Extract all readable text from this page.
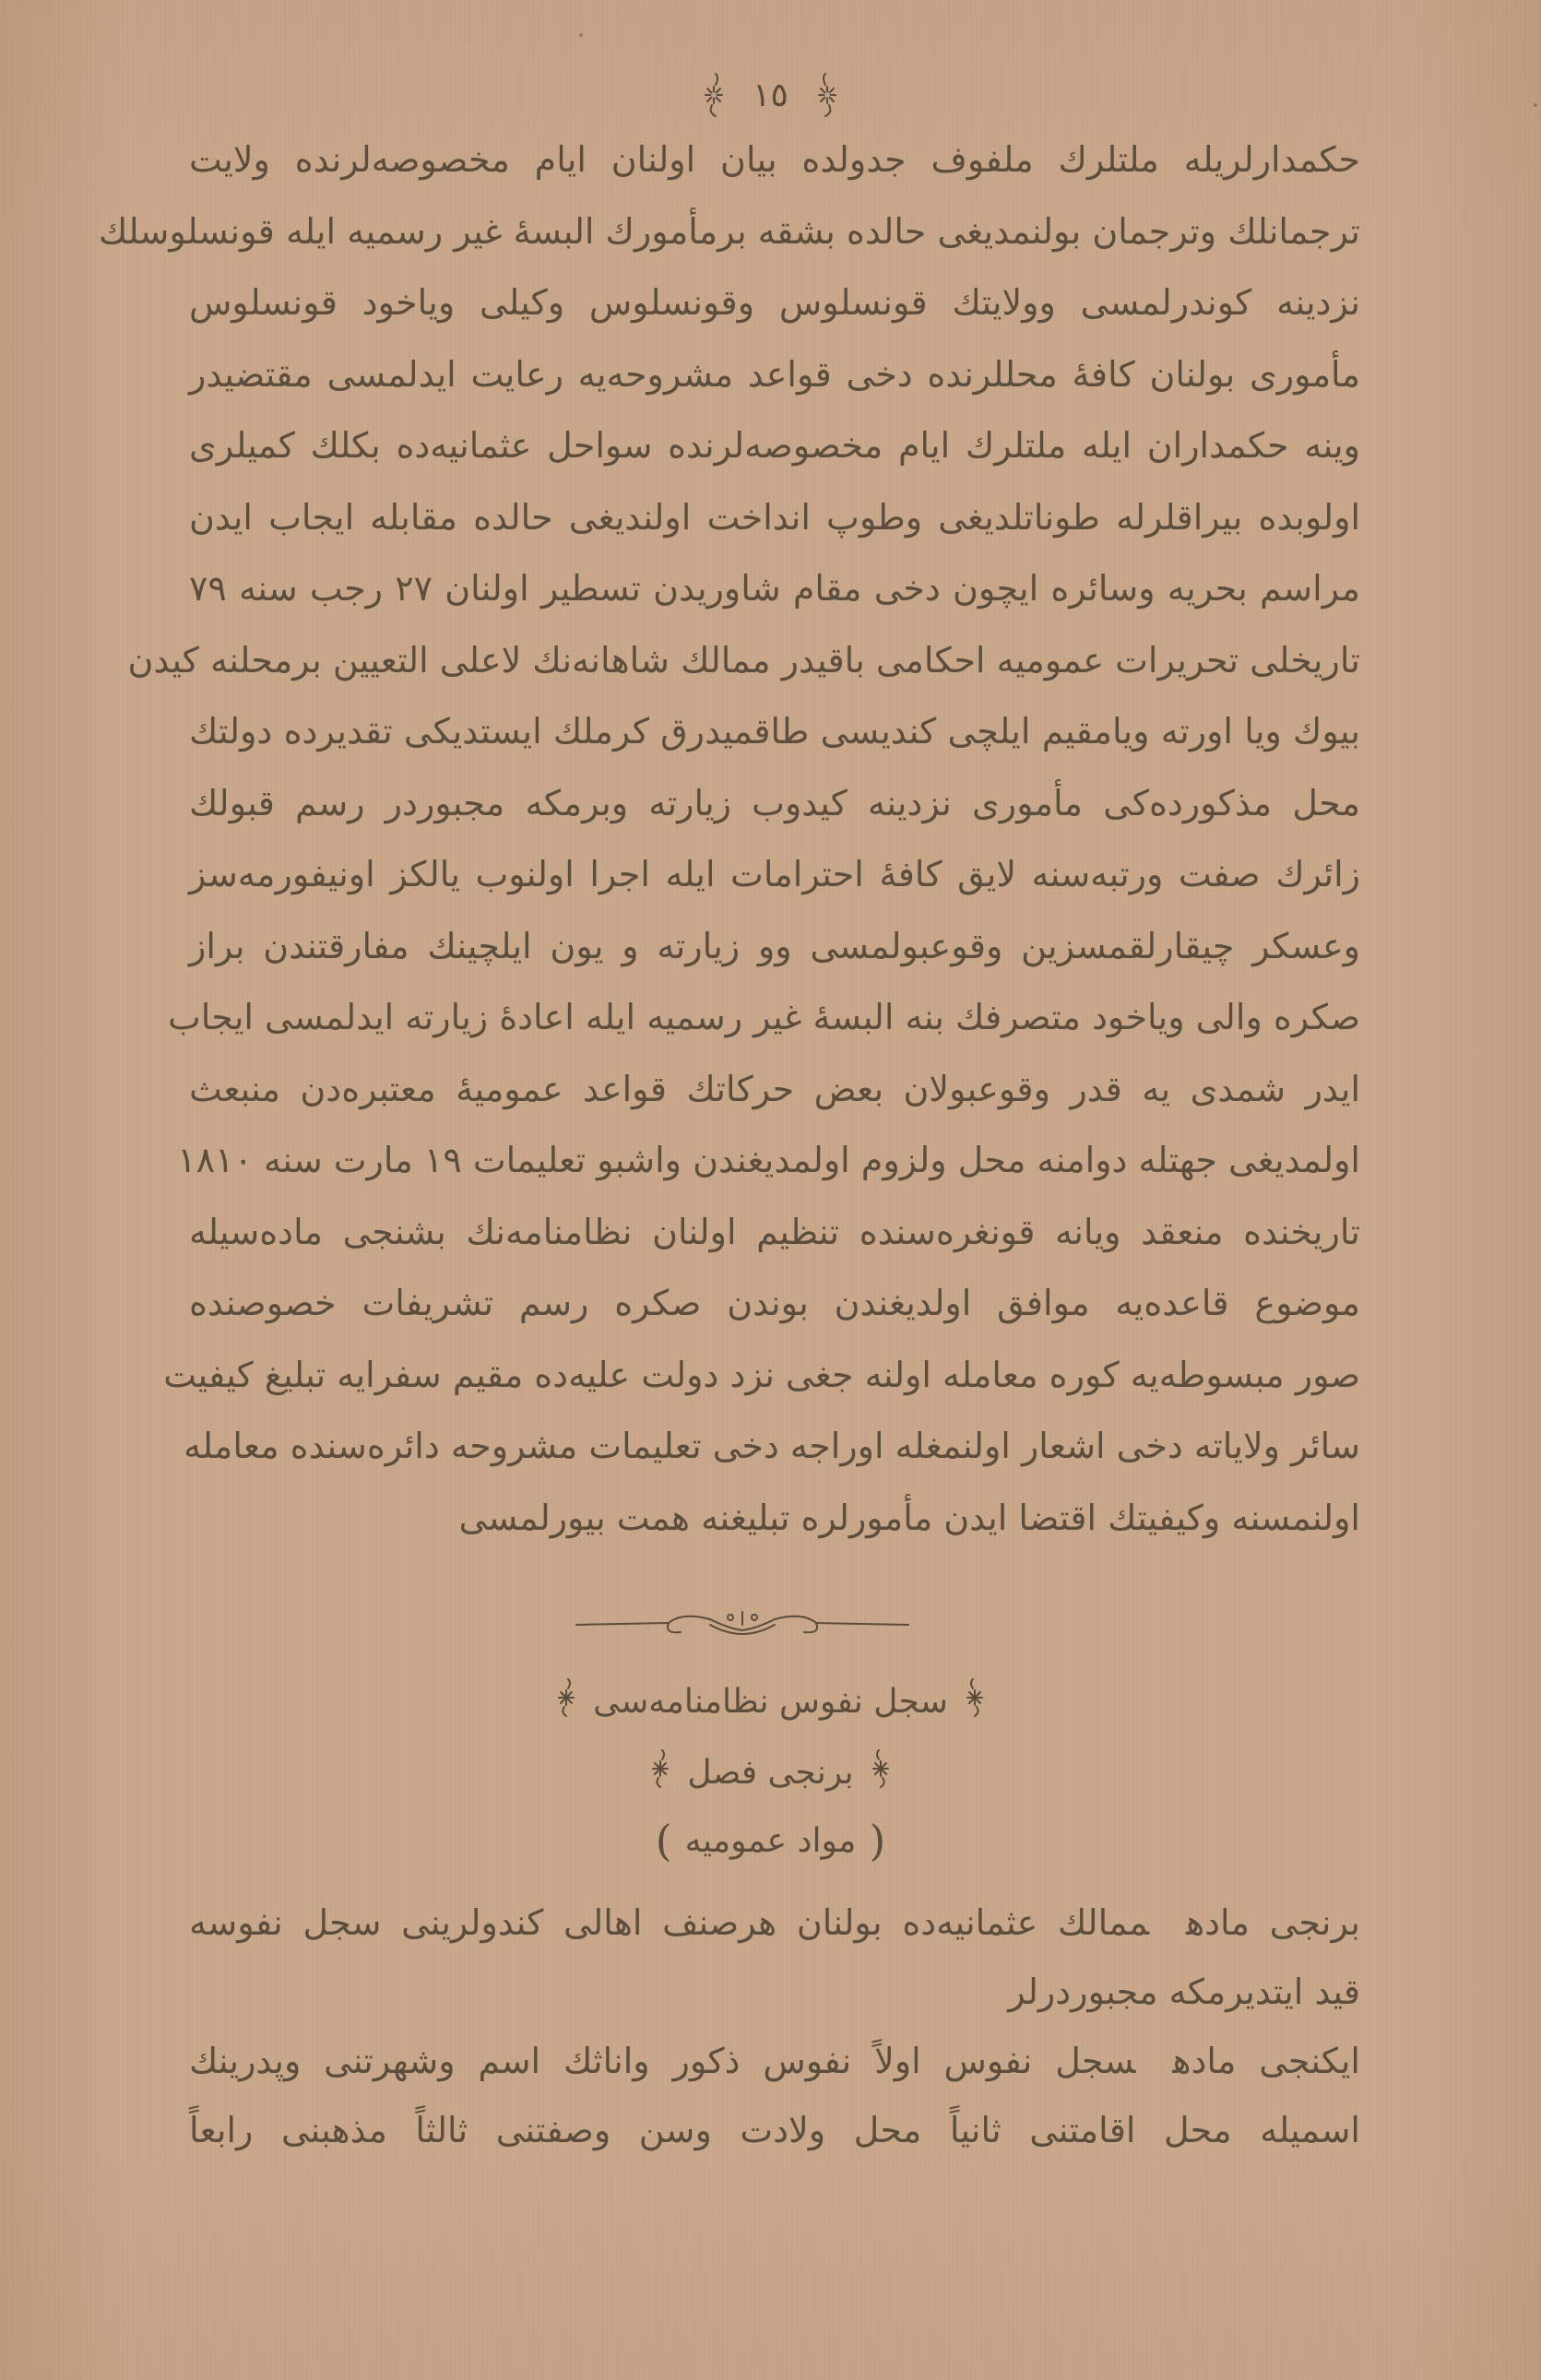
١٥
حكمدارلریله ملتلرك ملفوف جدولده بیان اولنان ایام مخصوصه‌لرنده ولایت
ترجمانلك وترجمان بولنمدیغی حالده بشقه برمأمورك البسهٔ غیر رسمیه ایله قونسلوسلك
نزدینه کوندرلمسی وولایتك قونسلوس وقونسلوس وکیلی ویاخود قونسلوس
مأموری بولنان کافهٔ محللرنده دخی قواعد مشروحه‌یه رعایت ایدلمسی مقتضیدر
وینه حکمداران ایله ملتلرك ایام مخصوصه‌لرنده سواحل عثمانیه‌ده بكلك کمیلری
اولوبده بیراقلرله طوناتلدیغی وطوپ انداخت اولندیغی حالده مقابله ایجاب ایدن
مراسم بحریه وسائره ایچون دخی مقام شاوریدن تسطیر اولنان ٢٧ رجب سنه ٧٩
تاریخلی تحریرات عمومیه احکامی باقیدر ممالك شاهانه‌نك لاعلی التعیین برمحلنه کیدن
بیوك ویا اورته ویامقیم ایلچی کندیسی طاقمیدرق کرملك ایستدیکی تقدیرده دولتك
محل مذکورده‌کی مأموری نزدینه کیدوب زیارته وبرمکه مجبوردر رسم قبولك
زائرك صفت ورتبه‌سنه لایق کافهٔ احترامات ایله اجرا اولنوب یالکز اونیفورمه‌سز
وعسکر چیقارلقمسزین وقوعبولمسی وو زیارته و یون ایلچینك مفارقتندن براز
صکره والی ویاخود متصرفك بنه البسهٔ غیر رسمیه ایله اعادهٔ زیارته ایدلمسی ایجاب
ایدر شمدی یه قدر وقوعبولان بعض حرکاتك قواعد عمومیهٔ معتبره‌دن منبعث
اولمدیغی جهتله دوامنه محل ولزوم اولمدیغندن واشبو تعلیمات ١٩ مارت سنه ١٨١٠
تاریخنده منعقد ویانه قونغره‌سنده تنظیم اولنان نظامنامه‌نك بشنجی ماده‌سیله
موضوع قاعده‌یه موافق اولدیغندن بوندن صکره رسم تشریفات خصوصنده
صور مبسوطه‌یه کوره معامله اولنه جغی نزد دولت علیه‌ده مقیم سفرایه تبلیغ کیفیت
سائر ولایاته دخی اشعار اولنمغله اوراجه دخی تعلیمات مشروحه دائره‌سنده معامله
اولنمسنه وکیفیتك اقتضا ایدن مأمورلره تبلیغنه همت بیورلمسی
سجل نفوس نظامنامه‌سی
برنجی فصل
(
مواد عمومیه
)
برنجی مادهممالك عثمانیه‌ده بولنان هرصنف اهالی کندولرینی سجل نفوسه
قید ایتدیرمکه مجبوردرلر
ایکنجی مادهسجل نفوس اولاً نفوس ذکور واناثك اسم وشهرتنی وپدرینك
اسمیله محل اقامتنی ثانیاً محل ولادت وسن وصفتنی ثالثاً مذهبنی رابعاً
